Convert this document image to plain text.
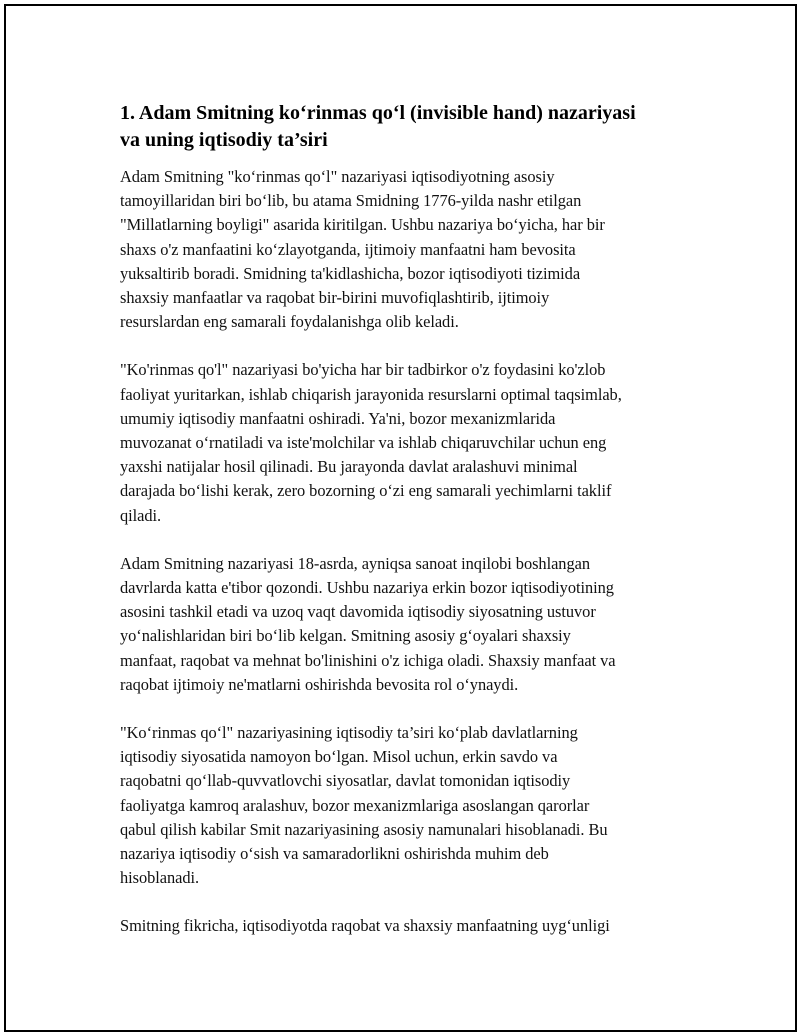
1. Adam Smitning ko‘rinmas qo‘l (invisible hand) nazariyasi
va uning iqtisodiy ta’siri

Adam Smitning "ko‘rinmas qo‘l" nazariyasi iqtisodiyotning asosiy
tamoyillaridan biri bo‘lib, bu atama Smidning 1776-yilda nashr etilgan
"Millatlarning boyligi" asarida kiritilgan. Ushbu nazariya bo‘yicha, har bir
shaxs o'z manfaatini ko‘zlayotganda, ijtimoiy manfaatni ham bevosita
yuksaltirib boradi. Smidning ta'kidlashicha, bozor iqtisodiyoti tizimida
shaxsiy manfaatlar va raqobat bir-birini muvofiqlashtirib, ijtimoiy
resurslardan eng samarali foydalanishga olib keladi.

"Ko'rinmas qo'l" nazariyasi bo'yicha har bir tadbirkor o'z foydasini ko'zlob
faoliyat yuritarkan, ishlab chiqarish jarayonida resurslarni optimal taqsimlab,
umumiy iqtisodiy manfaatni oshiradi. Ya'ni, bozor mexanizmlarida
muvozanat o‘rnatiladi va iste'molchilar va ishlab chiqaruvchilar uchun eng
yaxshi natijalar hosil qilinadi. Bu jarayonda davlat aralashuvi minimal
darajada bo‘lishi kerak, zero bozorning o‘zi eng samarali yechimlarni taklif
qiladi.

Adam Smitning nazariyasi 18-asrda, ayniqsa sanoat inqilobi boshlangan
davrlarda katta e'tibor qozondi. Ushbu nazariya erkin bozor iqtisodiyotining
asosini tashkil etadi va uzoq vaqt davomida iqtisodiy siyosatning ustuvor
yo‘nalishlaridan biri bo‘lib kelgan. Smitning asosiy g‘oyalari shaxsiy
manfaat, raqobat va mehnat bo'linishini o'z ichiga oladi. Shaxsiy manfaat va
raqobat ijtimoiy ne'matlarni oshirishda bevosita rol o‘ynaydi.

"Ko‘rinmas qo‘l" nazariyasining iqtisodiy ta’siri ko‘plab davlatlarning
iqtisodiy siyosatida namoyon bo‘lgan. Misol uchun, erkin savdo va
raqobatni qo‘llab-quvvatlovchi siyosatlar, davlat tomonidan iqtisodiy
faoliyatga kamroq aralashuv, bozor mexanizmlariga asoslangan qarorlar
qabul qilish kabilar Smit nazariyasining asosiy namunalari hisoblanadi. Bu
nazariya iqtisodiy o‘sish va samaradorlikni oshirishda muhim deb
hisoblanadi.

Smitning fikricha, iqtisodiyotda raqobat va shaxsiy manfaatning uyg‘unligi
